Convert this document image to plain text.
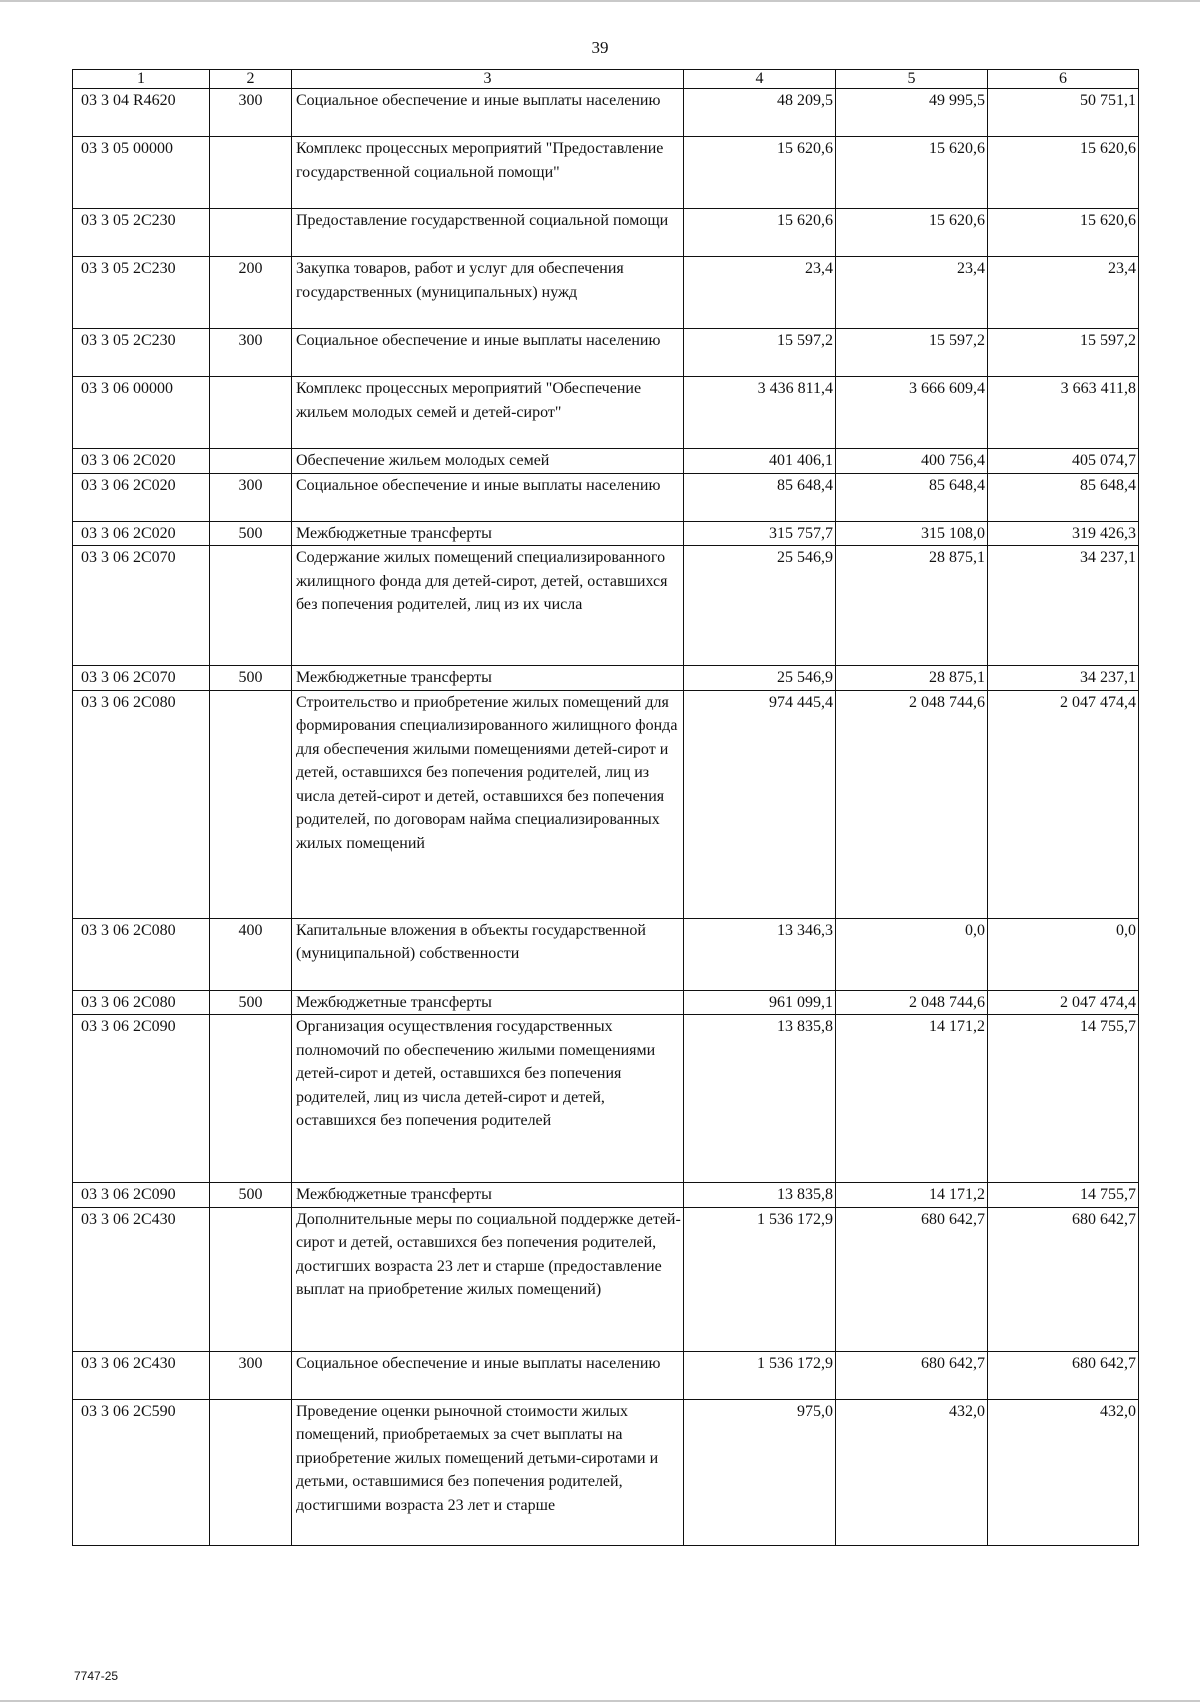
39
1	2	3	4	5	6
03 3 04 R4620	300	Социальное обеспечение и иные выплаты населению	48 209,5	49 995,5	50 751,1
03 3 05 00000		Комплекс процессных мероприятий "Предоставление государственной социальной помощи"	15 620,6	15 620,6	15 620,6
03 3 05 2С230		Предоставление государственной социальной помощи	15 620,6	15 620,6	15 620,6
03 3 05 2С230	200	Закупка товаров, работ и услуг для обеспечения государственных (муниципальных) нужд	23,4	23,4	23,4
03 3 05 2С230	300	Социальное обеспечение и иные выплаты населению	15 597,2	15 597,2	15 597,2
03 3 06 00000		Комплекс процессных мероприятий "Обеспечение жильем молодых семей и детей-сирот"	3 436 811,4	3 666 609,4	3 663 411,8
03 3 06 2С020		Обеспечение жильем молодых семей	401 406,1	400 756,4	405 074,7
03 3 06 2С020	300	Социальное обеспечение и иные выплаты населению	85 648,4	85 648,4	85 648,4
03 3 06 2С020	500	Межбюджетные трансферты	315 757,7	315 108,0	319 426,3
03 3 06 2С070		Содержание жилых помещений специализированного жилищного фонда для детей-сирот, детей, оставшихся без попечения родителей, лиц из их числа	25 546,9	28 875,1	34 237,1
03 3 06 2С070	500	Межбюджетные трансферты	25 546,9	28 875,1	34 237,1
03 3 06 2С080		Строительство и приобретение жилых помещений для формирования специализированного жилищного фонда для обеспечения жилыми помещениями детей-сирот и детей, оставшихся без попечения родителей, лиц из числа детей-сирот и детей, оставшихся без попечения родителей, по договорам найма специализированных жилых помещений	974 445,4	2 048 744,6	2 047 474,4
03 3 06 2С080	400	Капитальные вложения в объекты государственной (муниципальной) собственности	13 346,3	0,0	0,0
03 3 06 2С080	500	Межбюджетные трансферты	961 099,1	2 048 744,6	2 047 474,4
03 3 06 2С090		Организация осуществления государственных полномочий по обеспечению жилыми помещениями детей-сирот и детей, оставшихся без попечения родителей, лиц из числа детей-сирот и детей, оставшихся без попечения родителей	13 835,8	14 171,2	14 755,7
03 3 06 2С090	500	Межбюджетные трансферты	13 835,8	14 171,2	14 755,7
03 3 06 2С430		Дополнительные меры по социальной поддержке детей-сирот и детей, оставшихся без попечения родителей, достигших возраста 23 лет и старше (предоставление выплат на приобретение жилых помещений)	1 536 172,9	680 642,7	680 642,7
03 3 06 2С430	300	Социальное обеспечение и иные выплаты населению	1 536 172,9	680 642,7	680 642,7
03 3 06 2С590		Проведение оценки рыночной стоимости жилых помещений, приобретаемых за счет выплаты на приобретение жилых помещений детьми-сиротами и детьми, оставшимися без попечения родителей, достигшими возраста 23 лет и старше	975,0	432,0	432,0
7747-25
